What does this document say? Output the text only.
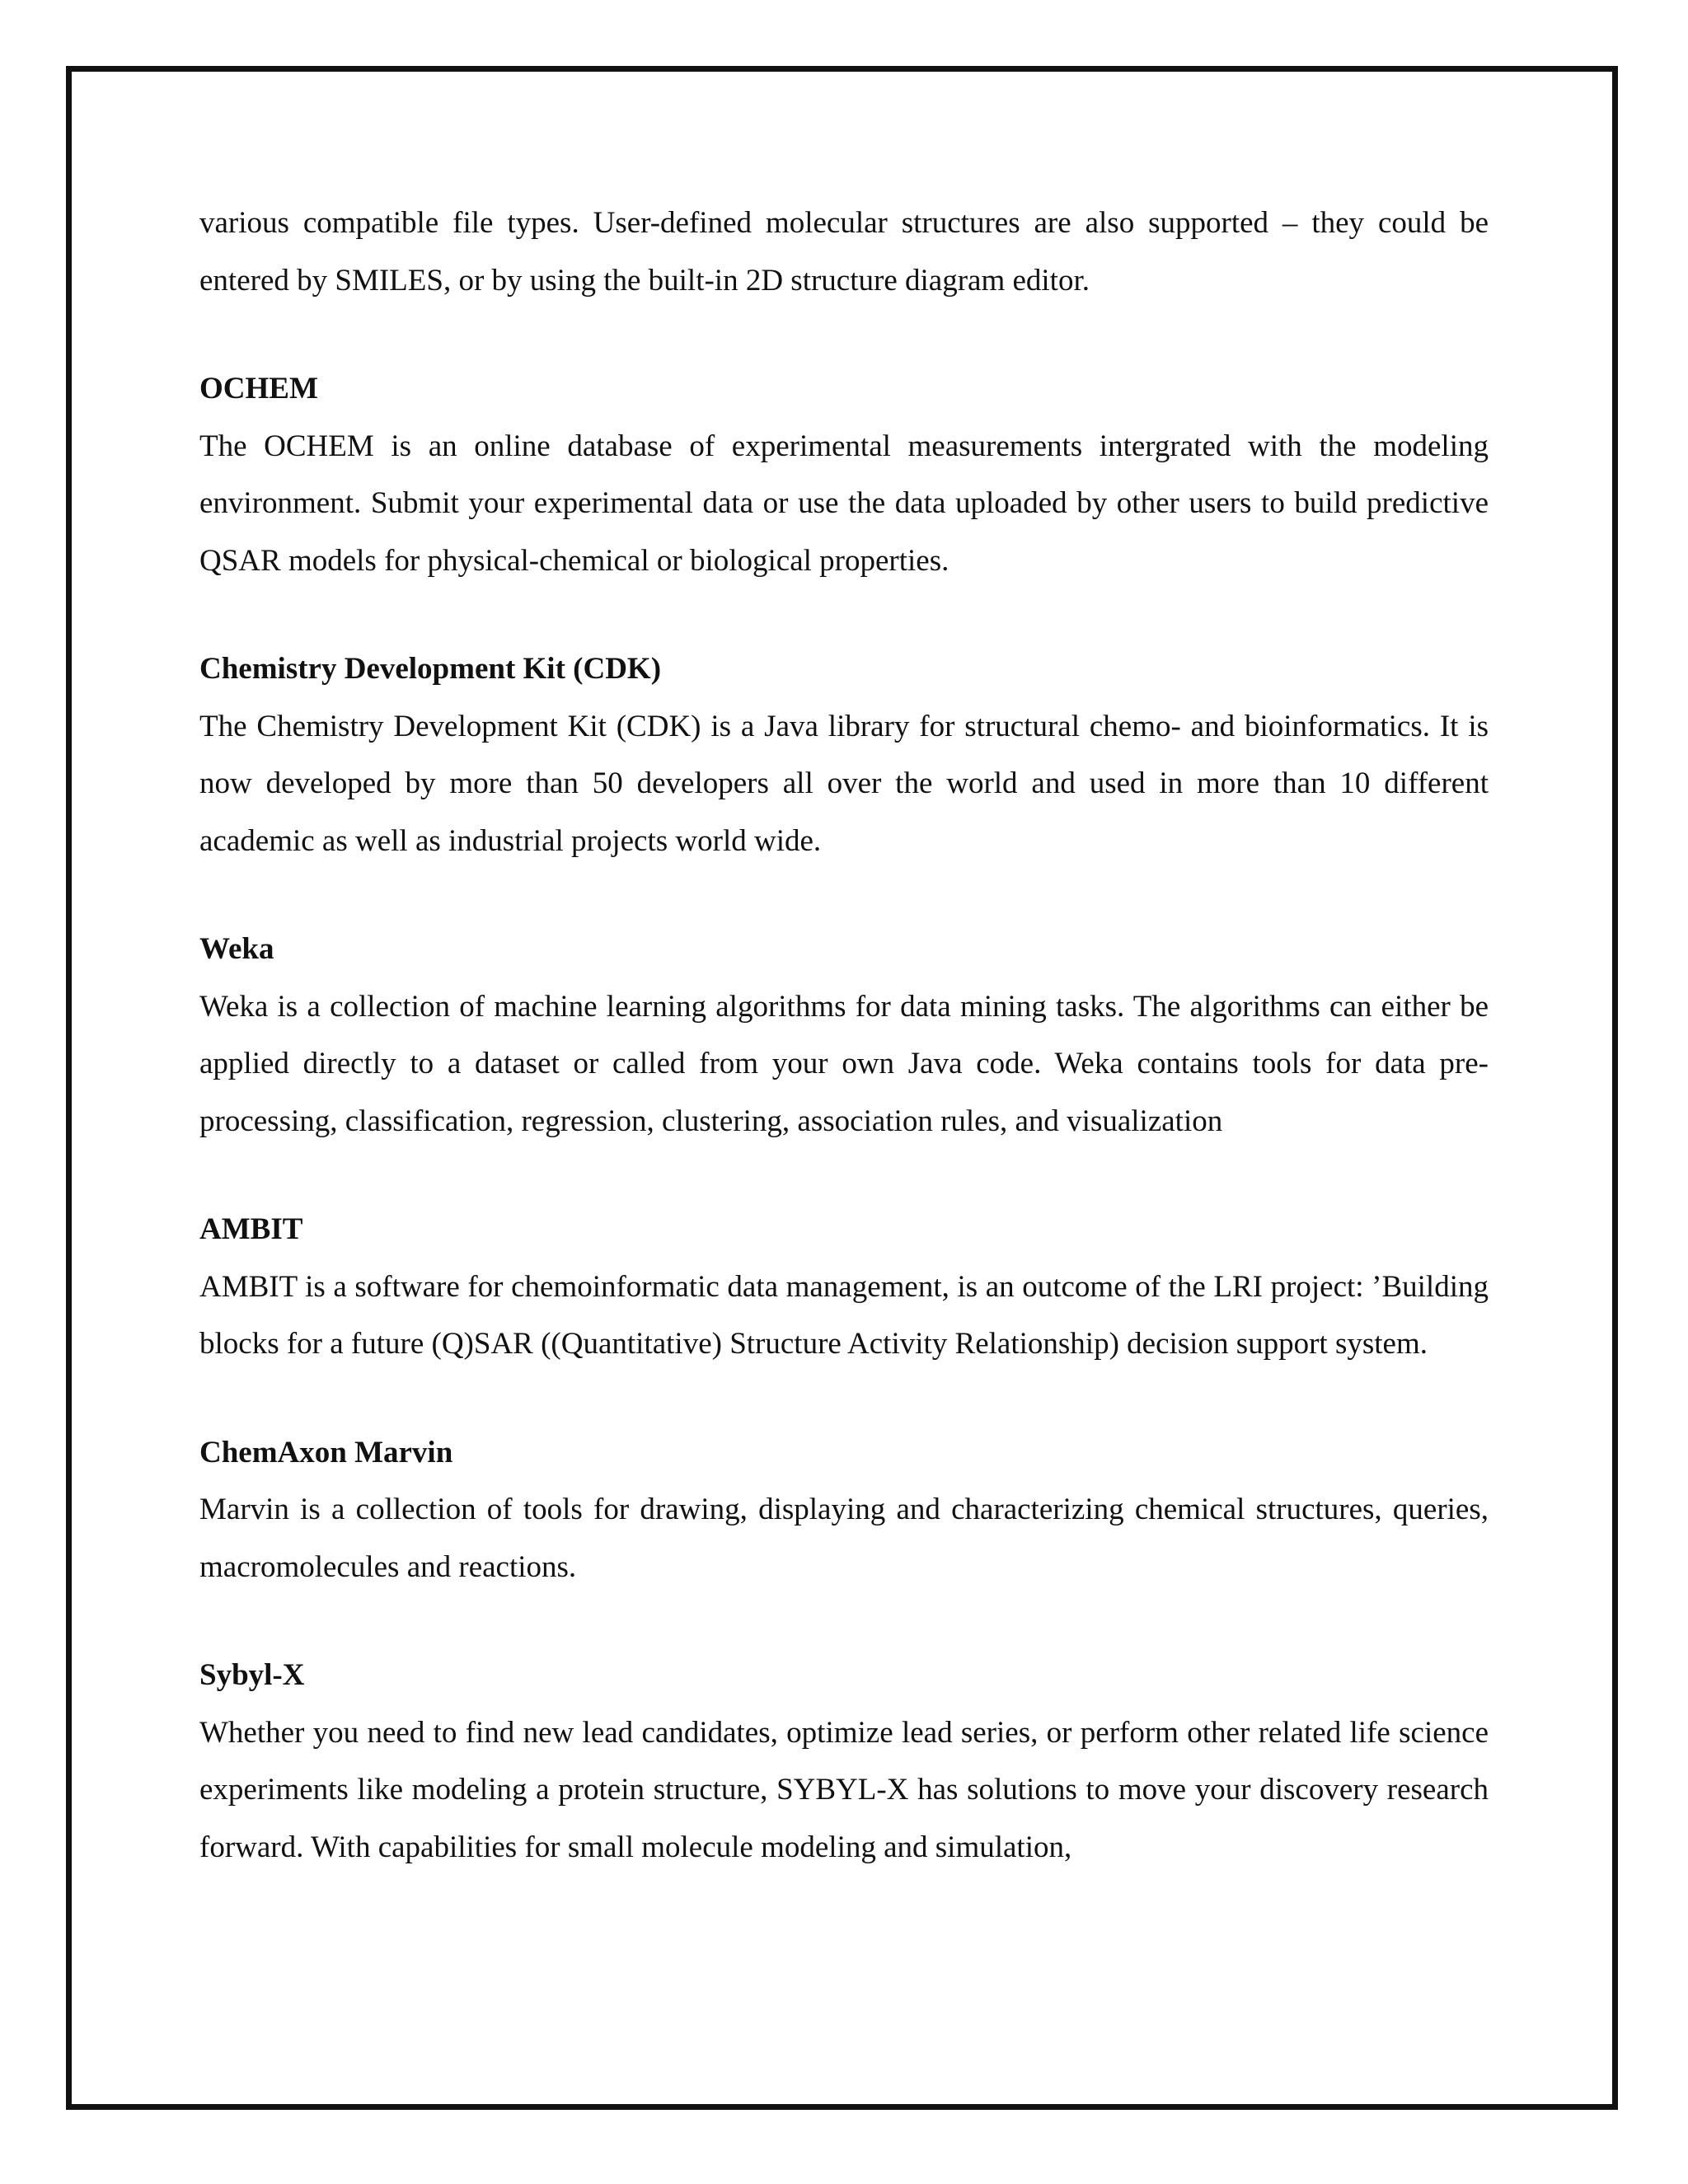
various compatible file types. User-defined molecular structures are also supported – they could be entered by SMILES, or by using the built-in 2D structure diagram editor.

OCHEM

The OCHEM is an online database of experimental measurements intergrated with the modeling environment. Submit your experimental data or use the data uploaded by other users to build predictive QSAR models for physical-chemical or biological properties.

Chemistry Development Kit (CDK)

The Chemistry Development Kit (CDK) is a Java library for structural chemo- and bioinformatics. It is now developed by more than 50 developers all over the world and used in more than 10 different academic as well as industrial projects world wide.

Weka

Weka is a collection of machine learning algorithms for data mining tasks. The algorithms can either be applied directly to a dataset or called from your own Java code. Weka contains tools for data pre-processing, classification, regression, clustering, association rules, and visualization

AMBIT

AMBIT is a software for chemoinformatic data management, is an outcome of the LRI project: ’Building blocks for a future (Q)SAR ((Quantitative) Structure Activity Relationship) decision support system.

ChemAxon Marvin

Marvin is a collection of tools for drawing, displaying and characterizing chemical structures, queries, macromolecules and reactions.

Sybyl-X

Whether you need to find new lead candidates, optimize lead series, or perform other related life science experiments like modeling a protein structure, SYBYL-X has solutions to move your discovery research forward. With capabilities for small molecule modeling and simulation,
